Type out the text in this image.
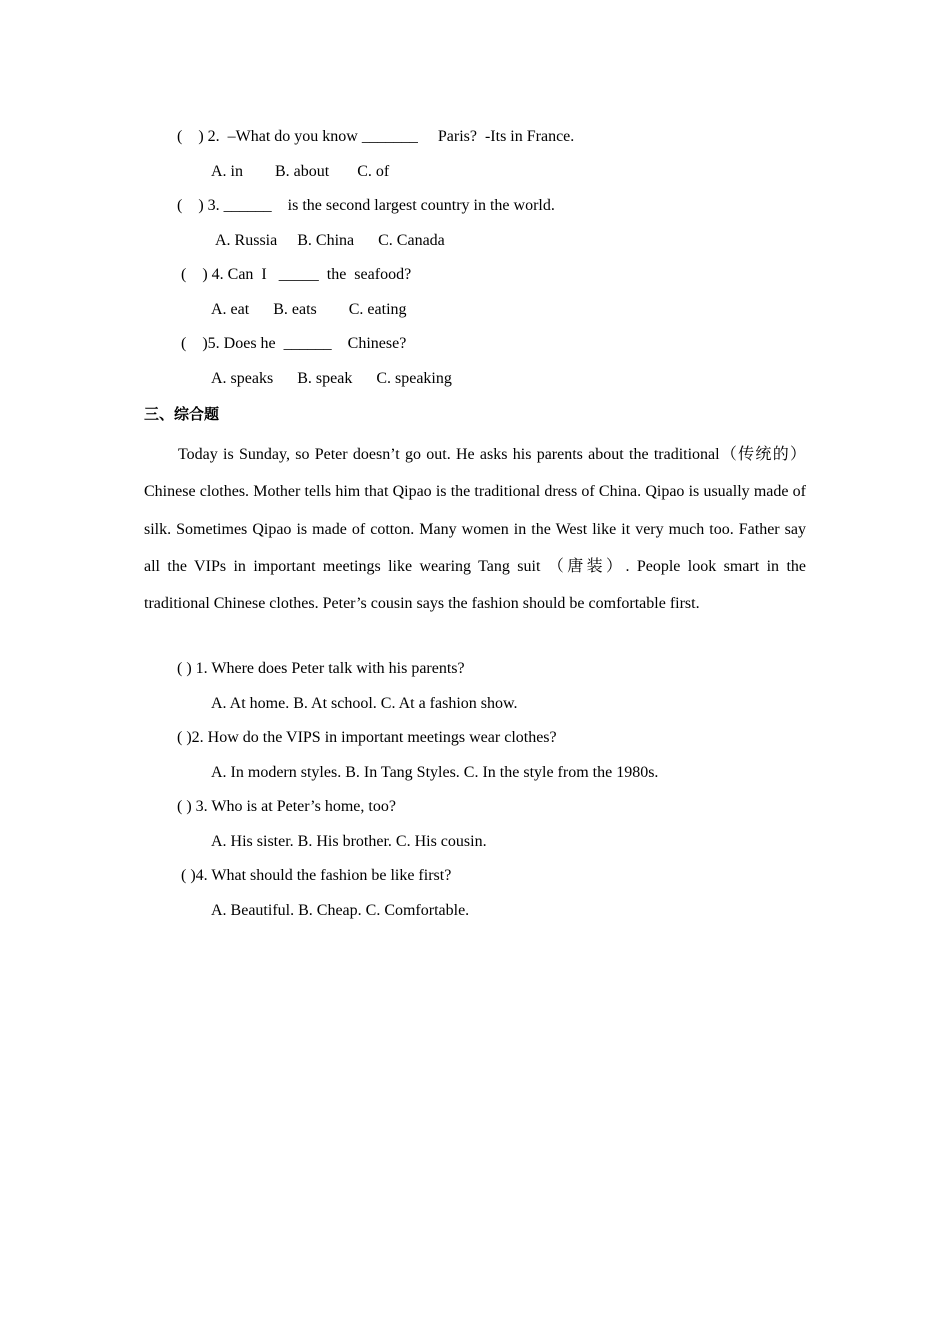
(    ) 2.  –What do you know _______     Paris?  -Its in France.
A. in        B. about       C. of
(    ) 3. ______    is the second largest country in the world.
A. Russia     B. China      C. Canada
(    ) 4. Can  I   _____  the  seafood?
A. eat      B. eats        C. eating
(    )5. Does he  ______    Chinese?
A. speaks      B. speak      C. speaking
三、综合题
Today is Sunday, so Peter doesn’t go out. He asks his parents about the traditional（传统的） Chinese clothes. Mother tells him that Qipao is the traditional dress of China. Qipao is usually made of silk. Sometimes Qipao is made of cotton. Many women in the West like it very much too. Father say all the VIPs in important meetings like wearing Tang suit （唐装）. People look smart in the traditional Chinese clothes. Peter’s cousin says the fashion should be comfortable first.
( ) 1. Where does Peter talk with his parents?
A. At home. B. At school. C. At a fashion show.
( )2. How do the VIPS in important meetings wear clothes?
A. In modern styles. B. In Tang Styles. C. In the style from the 1980s.
( ) 3. Who is at Peter’s home, too?
A. His sister. B. His brother. C. His cousin.
( )4. What should the fashion be like first?
A. Beautiful. B. Cheap. C. Comfortable.
